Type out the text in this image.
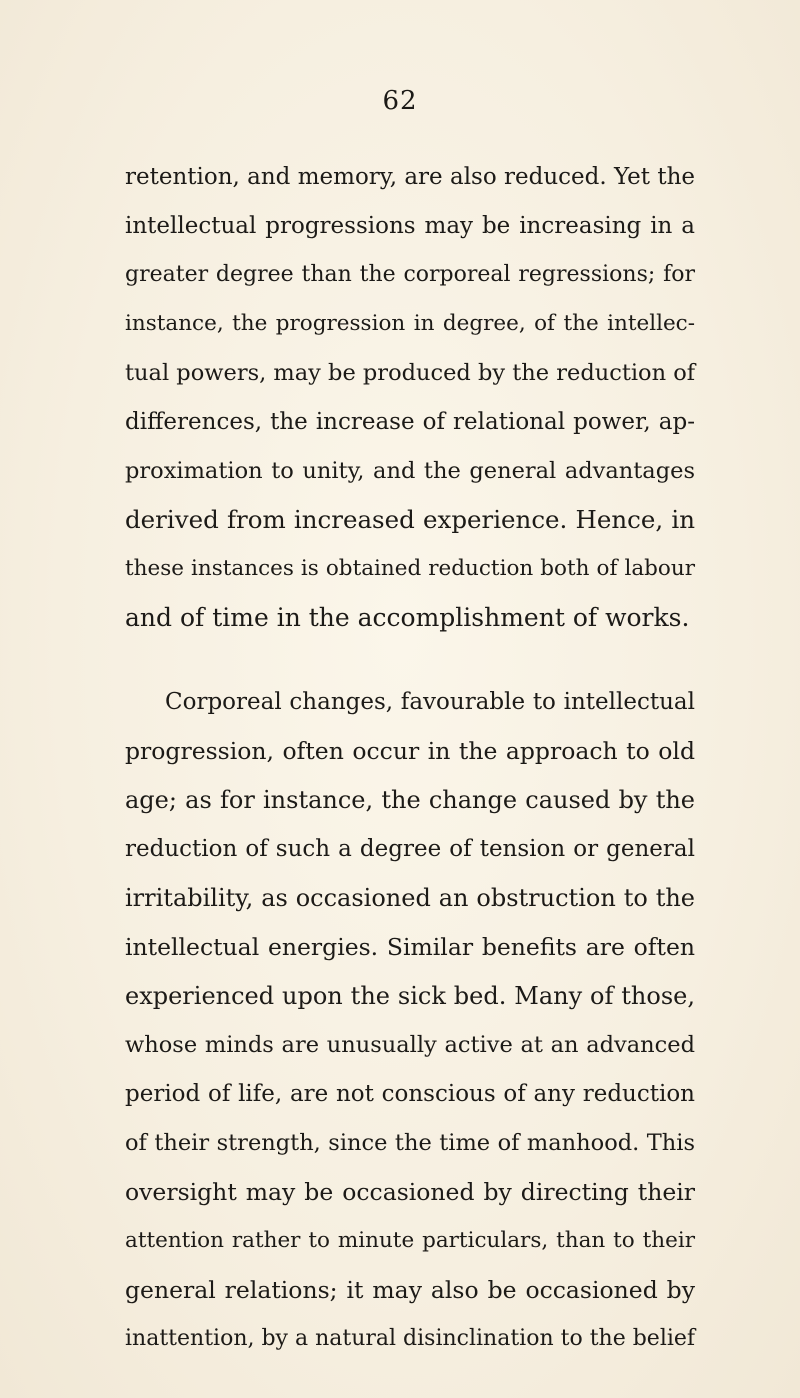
62
retention, and memory, are also reduced. Yet the
intellectual progressions may be increasing in a
greater degree than the corporeal regressions; for
instance, the progression in degree, of the intellec-
tual powers, may be produced by the reduction of
differences, the increase of relational power, ap-
proximation to unity, and the general advantages
derived from increased experience. Hence, in
these instances is obtained reduction both of labour
and of time in the accomplishment of works.
Corporeal changes, favourable to intellectual
progression, often occur in the approach to old
age; as for instance, the change caused by the
reduction of such a degree of tension or general
irritability, as occasioned an obstruction to the
intellectual energies. Similar benefits are often
experienced upon the sick bed. Many of those,
whose minds are unusually active at an advanced
period of life, are not conscious of any reduction
of their strength, since the time of manhood. This
oversight may be occasioned by directing their
attention rather to minute particulars, than to their
general relations; it may also be occasioned by
inattention, by a natural disinclination to the belief
